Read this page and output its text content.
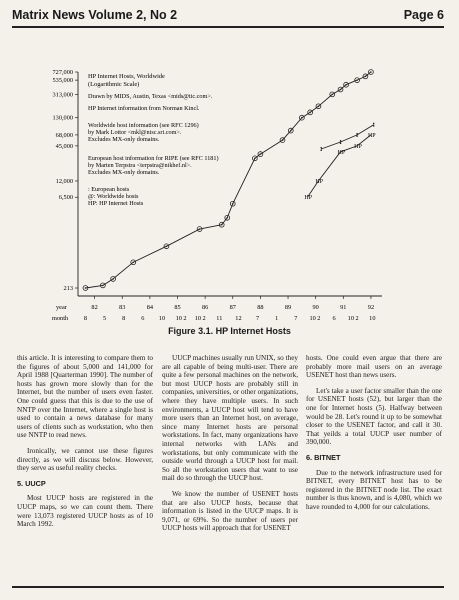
Matrix News Volume 2, No 2	Page 6
727,000
535,000
313,000
130,000
68,000
45,000
12,000
6,500
213
82	83	84	85	86	87	88	89	90	91	92
8	5	8	6 10 10 2 10 2 11 12 7	1	7 10 2 6 10 2 10
year
month
HP Internet Hosts, Worldwide
(Logarithmic Scale)
Drawn by MIDS, Austin, Texas <mids@tic.com>.
HP Internet information from Norman Kincl.
Worldwide host information (see RFC 1296)
by Mark Lottor <mkl@nisc.sri.com>.
Excludes MX-only domains.
European host information for RIPE (see RFC 1181)
by Marten Terpstra <terpstra@nikhef.nl>.
Excludes MX-only domains.
: European hosts
@: Worldwide hosts
HP: HP Internet Hosts
HP
HP
HP
HP
HP
Figure 3.1. HP Internet Hosts

this article. It is interesting to compare them to the figures of about 5,000 and 141,000 for April 1988 [Quarterman 1990]. The number of hosts has grown more slowly than for the Internet, but the number of users even faster. One could guess that this is due to the use of NNTP over the Internet, where a single host is used to contain a news database for many users of clients such as workstation, who then use NNTP to read news.

Ironically, we cannot use these figures directly, as we will discuss below. However, they serve as useful reality checks.

5. UUCP

Most UUCP hosts are registered in the UUCP maps, so we can count them. There were 13,073 registered UUCP hosts as of 10 March 1992.

UUCP machines usually run UNIX, so they are all capable of being multi-user. There are quite a few personal machines on the network, but most UUCP hosts are probably still in companies, universities, or other organizations, where they have multiple users. In such environments, a UUCP host will tend to have more users than an Internet host, on average, since many Internet hosts are personal workstations. In fact, many organizations have internal networks with LANs and workstations, but only communicate with the outside world through a UUCP host for mail. So all the workstation users that want to use mail do so through the UUCP host.

We know the number of USENET hosts that are also UUCP hosts, because that information is listed in the UUCP maps. It is 9,071, or 69%. So the number of users per UUCP hosts will approach that for USENET

hosts. One could even argue that there are probably more mail users on an average USENET host than news users.

Let's take a user factor smaller than the one for USENET hosts (52), but larger than the one for Internet hosts (5). Halfway between would be 28. Let's round it up to be somewhat closer to the USENET factor, and call it 30. That yeilds a total UUCP user number of 390,000.

6. BITNET

Due to the network infrastructure used for BITNET, every BITNET host has to be registered in the BITNET node list. The exact number is thus known, and is 4,080, which we have rounded to 4,000 for our calculations.
